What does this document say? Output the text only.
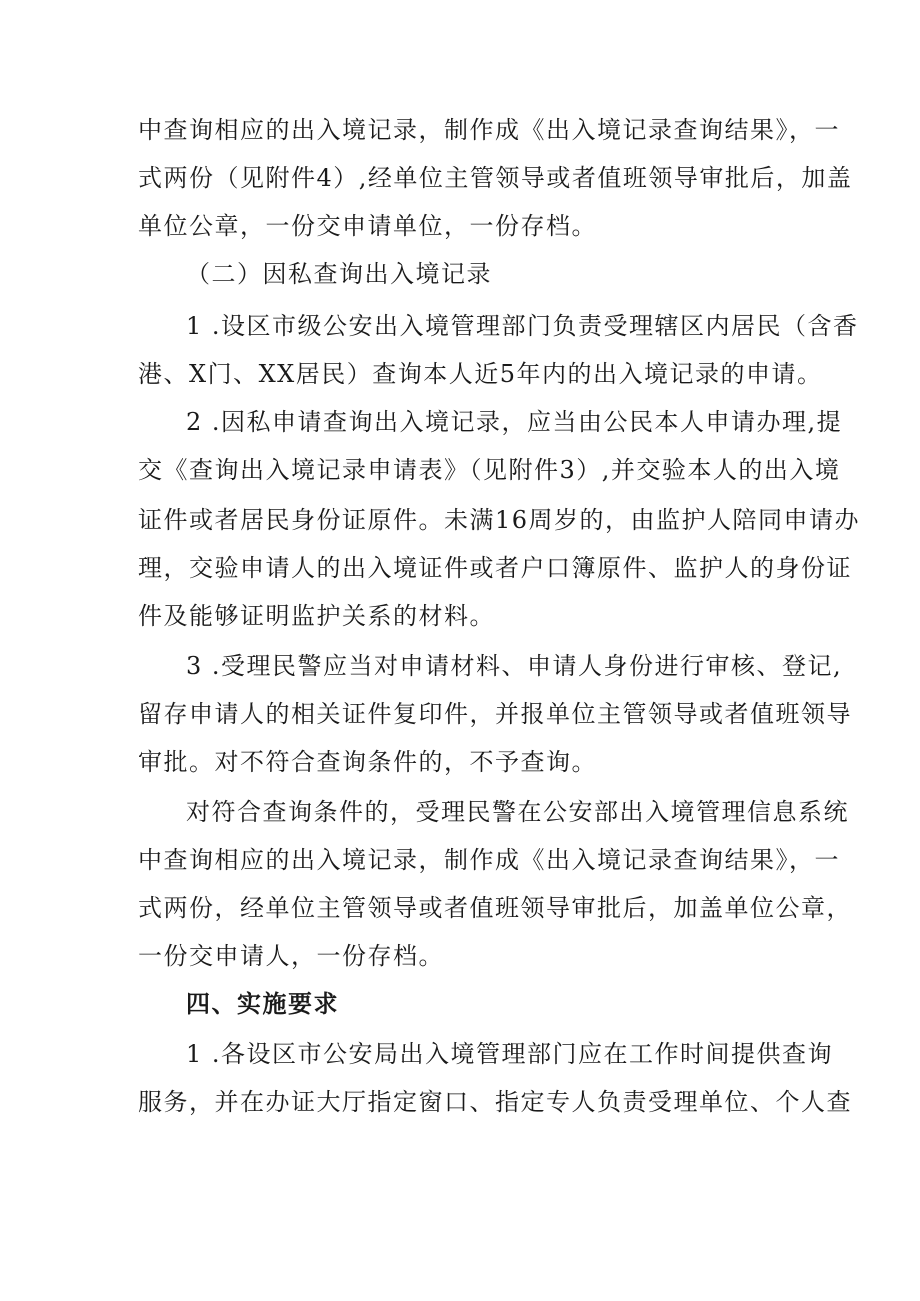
中查询相应的出入境记录，制作成《出入境记录查询结果》，一
式两份（见附件4）,经单位主管领导或者值班领导审批后，加盖
单位公章，一份交申请单位，一份存档。
（二）因私查询出入境记录
1 .设区市级公安出入境管理部门负责受理辖区内居民（含香
港、X门、XX居民）查询本人近5年内的出入境记录的申请。
2 .因私申请查询出入境记录，应当由公民本人申请办理,提
交《查询出入境记录申请表》（见附件3）,并交验本人的出入境
证件或者居民身份证原件。未满16周岁的，由监护人陪同申请办
理，交验申请人的出入境证件或者户口簿原件、监护人的身份证
件及能够证明监护关系的材料。
3 .受理民警应当对申请材料、申请人身份进行审核、登记,
留存申请人的相关证件复印件，并报单位主管领导或者值班领导
审批。对不符合查询条件的，不予查询。
对符合查询条件的，受理民警在公安部出入境管理信息系统
中查询相应的出入境记录，制作成《出入境记录查询结果》，一
式两份，经单位主管领导或者值班领导审批后，加盖单位公章，
一份交申请人，一份存档。
四、实施要求
1 .各设区市公安局出入境管理部门应在工作时间提供查询
服务，并在办证大厅指定窗口、指定专人负责受理单位、个人查
